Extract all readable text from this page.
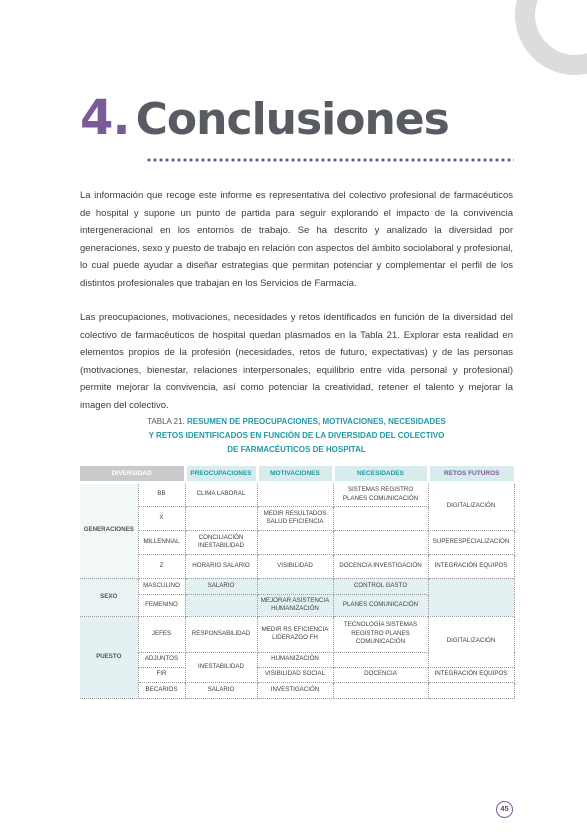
4. Conclusiones

La información que recoge este informe es representativa del colectivo profesional de farmacéuticos de hospital y supone un punto de partida para seguir explorando el impacto de la convivencia intergeneracional en los entornos de trabajo. Se ha descrito y analizado la diversidad por generaciones, sexo y puesto de trabajo en relación con aspectos del ámbito sociolaboral y profesional, lo cual puede ayudar a diseñar estrategias que permitan potenciar y complementar el perfil de los distintos profesionales que trabajan en los Servicios de Farmacia.

Las preocupaciones, motivaciones, necesidades y retos identificados en función de la diversidad del colectivo de farmacéuticos de hospital quedan plasmados en la Tabla 21. Explorar esta realidad en elementos propios de la profesión (necesidades, retos de futuro, expectativas) y de las personas (motivaciones, bienestar, relaciones interpersonales, equilibrio entre vida personal y profesional) permite mejorar la convivencia, así como potenciar la creatividad, retener el talento y mejorar la imagen del colectivo.

TABLA 21. RESUMEN DE PREOCUPACIONES, MOTIVACIONES, NECESIDADES
Y RETOS IDENTIFICADOS EN FUNCIÓN DE LA DIVERSIDAD DEL COLECTIVO
DE FARMACÉUTICOS DE HOSPITAL
DIVERSIDAD		PREOCUPACIONES	MOTIVACIONES	NECESIDADES	RETOS FUTUROS
GENERACIONES	BB	CLIMA LABORAL		SISTEMAS REGISTRO PLANES COMUNICACIÓN	DIGITALIZACIÓN
	X		MEDIR RESULTADOS SALUD EFICIENCIA		
	MILLENNIAL	CONCILIACIÓN INESTABILIDAD			SUPERESPECIALIZACIÓN
	Z	HORARIO SALARIO	VISIBILIDAD	DOCENCIA INVESTIGACIÓN	INTEGRACIÓN EQUIPOS
SEXO	MASCULINO	SALARIO		CONTROL GASTO	
	FEMENINO		MEJORAR ASISTENCIA HUMANIZACIÓN	PLANES COMUNICACIÓN	
PUESTO	JEFES	RESPONSABILIDAD	MEDIR RS EFICIENCIA LIDERAZGO FH	TECNOLOGÍA SISTEMAS REGISTRO PLANES COMUNICACIÓN	DIGITALIZACIÓN
	ADJUNTOS	INESTABILIDAD	HUMANIZACIÓN		
	FIR		VISIBILIDAD SOCIAL	DOCENCIA	INTEGRACIÓN EQUIPOS
	BECARIOS	SALARIO	INVESTIGACIÓN		
45
